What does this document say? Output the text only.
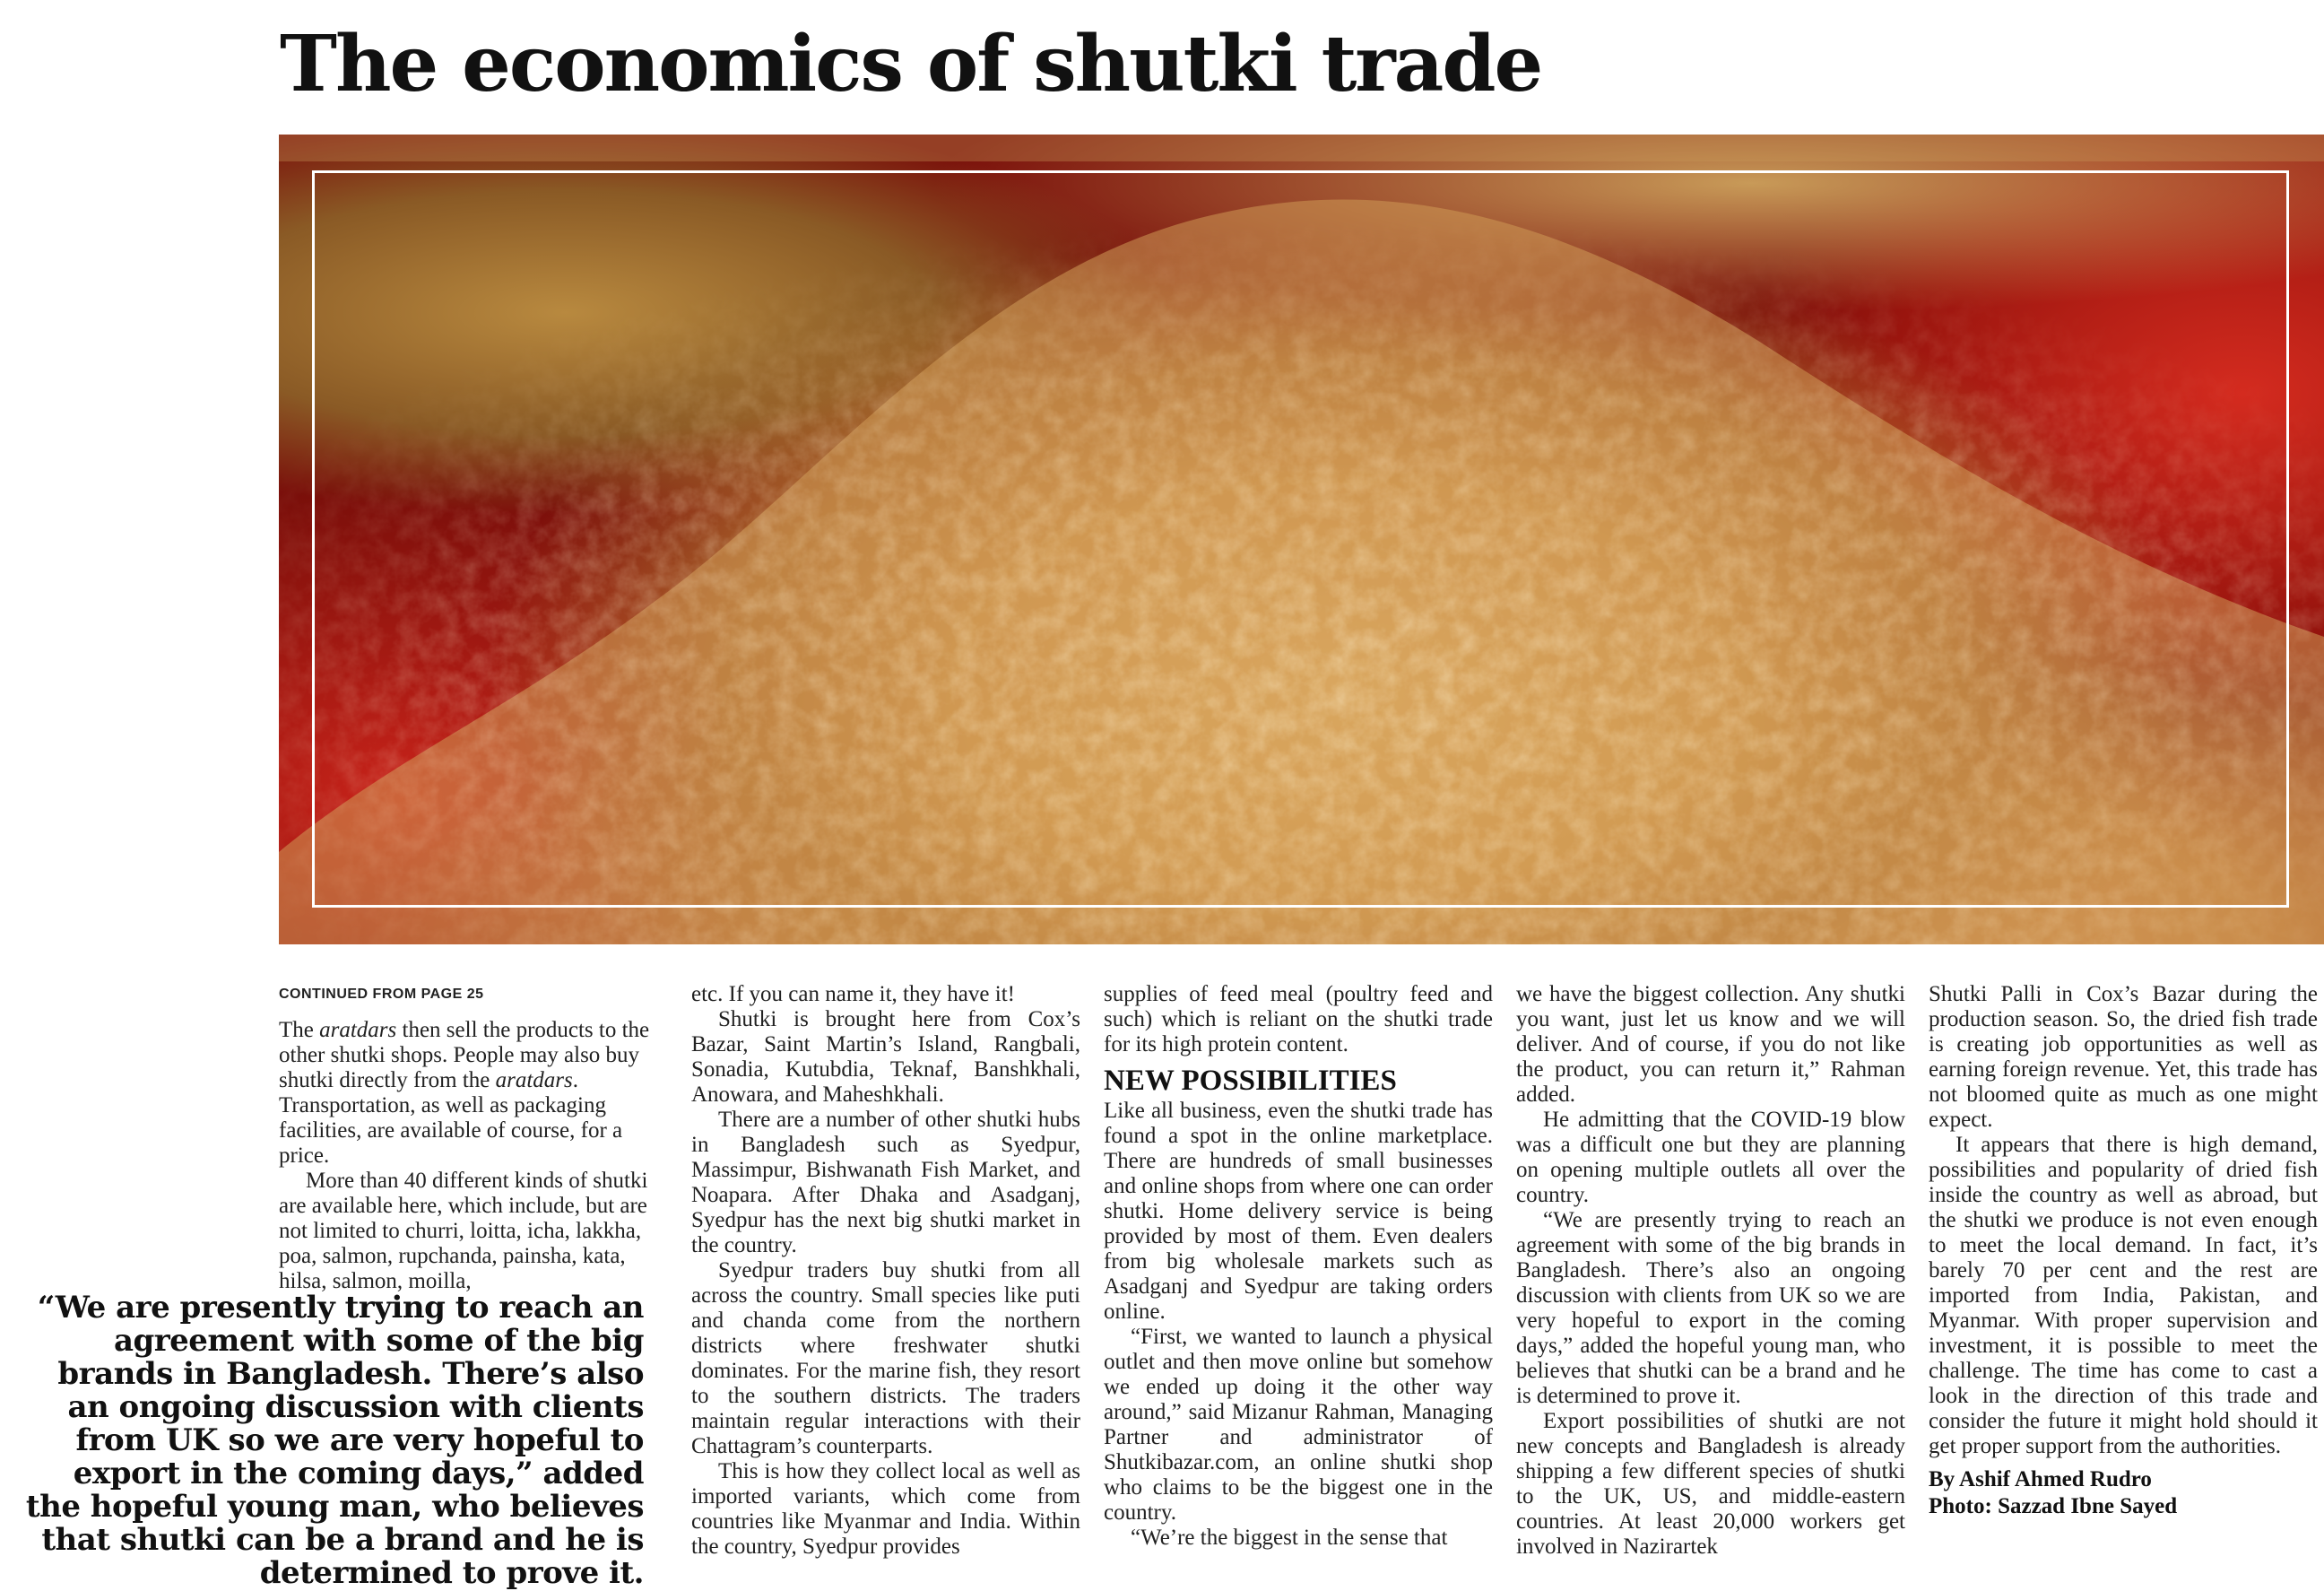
The economics of shutki trade
CONTINUED FROM PAGE 25

The aratdars then sell the products to the other shutki shops. People may also buy shutki directly from the aratdars. Transportation, as well as packaging facilities, are available of course, for a price.

More than 40 different kinds of shutki are available here, which include, but are not limited to churri, loitta, icha, lakkha, poa, salmon, rupchanda, painsha, kata, hilsa, salmon, moilla,

“We are presently trying to reach an agreement with some of the big brands in Bangladesh. There’s also an ongoing discussion with clients from UK so we are very hopeful to export in the coming days,” added the hopeful young man, who believes that shutki can be a brand and he is determined to prove it.

etc. If you can name it, they have it!

Shutki is brought here from Cox’s Bazar, Saint Martin’s Island, Rangbali, Sonadia, Kutubdia, Teknaf, Banshkhali, Anowara, and Maheshkhali.

There are a number of other shutki hubs in Bangladesh such as Syedpur, Massimpur, Bishwanath Fish Market, and Noapara. After Dhaka and Asadganj, Syedpur has the next big shutki market in the country.

Syedpur traders buy shutki from all across the country. Small species like puti and chanda come from the northern districts where freshwater shutki dominates. For the marine fish, they resort to the southern districts. The traders maintain regular interactions with their Chattagram’s counterparts.

This is how they collect local as well as imported variants, which come from countries like Myanmar and India. Within the country, Syedpur provides

supplies of feed meal (poultry feed and such) which is reliant on the shutki trade for its high protein content.

NEW POSSIBILITIES

Like all business, even the shutki trade has found a spot in the online marketplace. There are hundreds of small businesses and online shops from where one can order shutki. Home delivery service is being provided by most of them. Even dealers from big wholesale markets such as Asadganj and Syedpur are taking orders online.

“First, we wanted to launch a physical outlet and then move online but somehow we ended up doing it the other way around,” said Mizanur Rahman, Managing Partner and administrator of Shutkibazar.com, an online shutki shop who claims to be the biggest one in the country.

“We’re the biggest in the sense that

we have the biggest collection. Any shutki you want, just let us know and we will deliver. And of course, if you do not like the product, you can return it,” Rahman added.

He admitting that the COVID-19 blow was a difficult one but they are planning on opening multiple outlets all over the country.

“We are presently trying to reach an agreement with some of the big brands in Bangladesh. There’s also an ongoing discussion with clients from UK so we are very hopeful to export in the coming days,” added the hopeful young man, who believes that shutki can be a brand and he is determined to prove it.

Export possibilities of shutki are not new concepts and Bangladesh is already shipping a few different species of shutki to the UK, US, and middle-eastern countries. At least 20,000 workers get involved in Nazirartek

Shutki Palli in Cox’s Bazar during the production season. So, the dried fish trade is creating job opportunities as well as earning foreign revenue. Yet, this trade has not bloomed quite as much as one might expect.

It appears that there is high demand, possibilities and popularity of dried fish inside the country as well as abroad, but the shutki we produce is not even enough to meet the local demand. In fact, it’s barely 70 per cent and the rest are imported from India, Pakistan, and Myanmar. With proper supervision and investment, it is possible to meet the challenge. The time has come to cast a look in the direction of this trade and consider the future it might hold should it get proper support from the authorities.

By Ashif Ahmed Rudro
Photo: Sazzad Ibne Sayed
